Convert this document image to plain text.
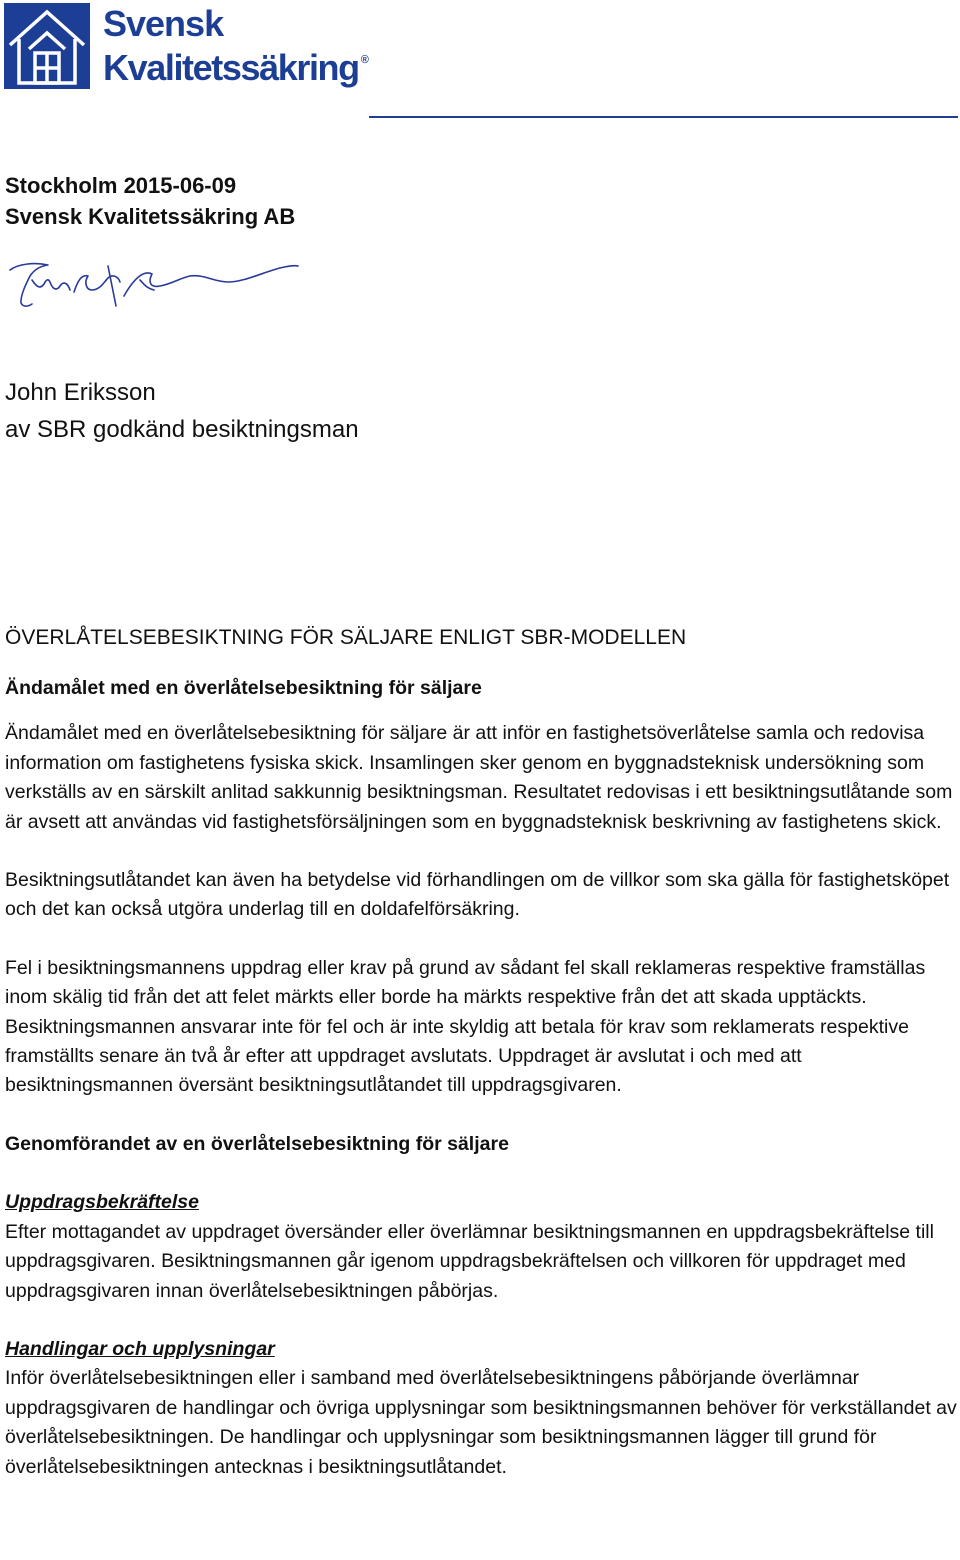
Svensk
Kvalitetssäkring ®
Stockholm 2015-06-09
Svensk Kvalitetssäkring AB
John Eriksson
av SBR godkänd besiktningsman

ÖVERLÅTELSEBESIKTNING FÖR SÄLJARE ENLIGT SBR-MODELLEN

Ändamålet med en överlåtelsebesiktning för säljare

Ändamålet med en överlåtelsebesiktning för säljare är att inför en fastighetsöverlåtelse samla och redovisa information om fastighetens fysiska skick. Insamlingen sker genom en byggnadsteknisk undersökning som verkställs av en särskilt anlitad sakkunnig besiktningsman. Resultatet redovisas i ett besiktningsutlåtande som är avsett att användas vid fastighetsförsäljningen som en byggnadsteknisk beskrivning av fastighetens skick.

Besiktningsutlåtandet kan även ha betydelse vid förhandlingen om de villkor som ska gälla för fastighetsköpet och det kan också utgöra underlag till en doldafelförsäkring.

Fel i besiktningsmannens uppdrag eller krav på grund av sådant fel skall reklameras respektive framställas inom skälig tid från det att felet märkts eller borde ha märkts respektive från det att skada upptäckts. Besiktningsmannen ansvarar inte för fel och är inte skyldig att betala för krav som reklamerats respektive framställts senare än två år efter att uppdraget avslutats. Uppdraget är avslutat i och med att besiktningsmannen översänt besiktningsutlåtandet till uppdragsgivaren.

Genomförandet av en överlåtelsebesiktning för säljare

Uppdragsbekräftelse

Efter mottagandet av uppdraget översänder eller överlämnar besiktningsmannen en uppdragsbekräftelse till uppdragsgivaren. Besiktningsmannen går igenom uppdragsbekräftelsen och villkoren för uppdraget med uppdragsgivaren innan överlåtelsebesiktningen påbörjas.

Handlingar och upplysningar

Inför överlåtelsebesiktningen eller i samband med överlåtelsebesiktningens påbörjande överlämnar uppdragsgivaren de handlingar och övriga upplysningar som besiktningsmannen behöver för verkställandet av överlåtelsebesiktningen. De handlingar och upplysningar som besiktningsmannen lägger till grund för överlåtelsebesiktningen antecknas i besiktningsutlåtandet.
